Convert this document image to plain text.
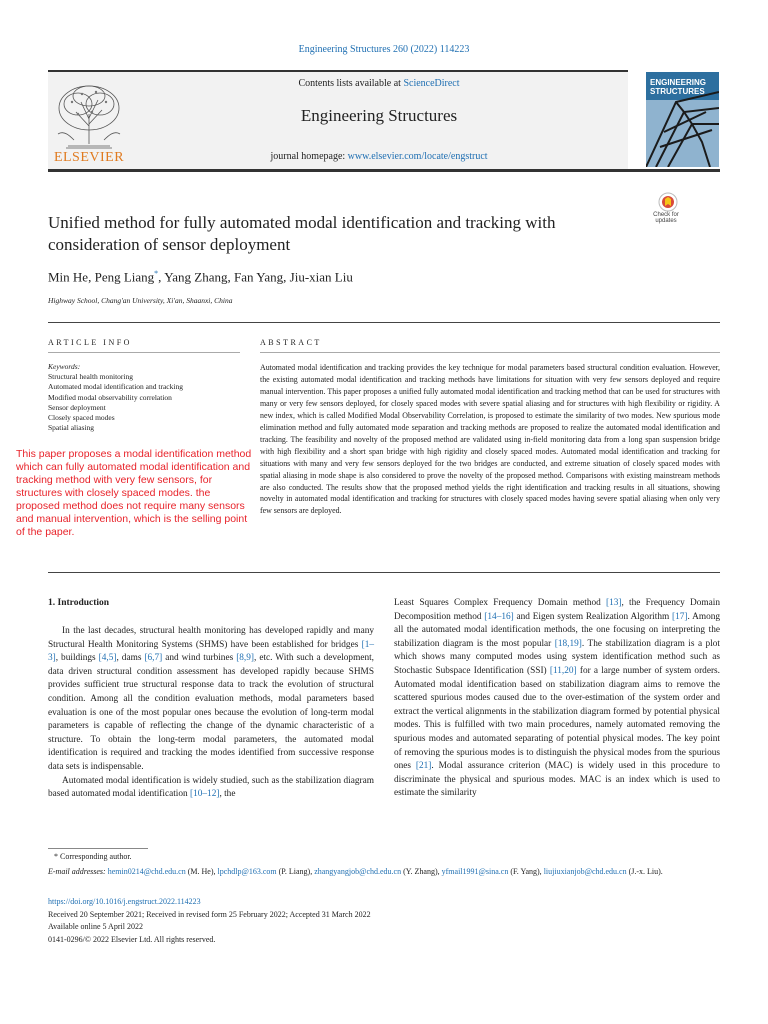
Engineering Structures 260 (2022) 114223
ELSEVIER
Contents lists available at ScienceDirect
Engineering Structures
journal homepage: www.elsevier.com/locate/engstruct
ENGINEERING
STRUCTURES
Unified method for fully automated modal identification and tracking with consideration of sensor deployment
Check for
updates
Min He, Peng Liang*, Yang Zhang, Fan Yang, Jiu-xian Liu
Highway School, Chang'an University, Xi'an, Shaanxi, China
ARTICLE INFO
Keywords:
Structural health monitoring
Automated modal identification and tracking
Modified modal observability correlation
Sensor deployment
Closely spaced modes
Spatial aliasing
ABSTRACT

Automated modal identification and tracking provides the key technique for modal parameters based structural condition evaluation. However, the existing automated modal identification and tracking methods have limitations for situation with very few sensors deployed and require manual intervention. This paper proposes a unified fully automated modal identification and tracking method that can be used for structures with many or very few sensors deployed, for closely spaced modes with severe spatial aliasing and for structures with high flexibility or rigidity. A new index, which is called Modified Modal Observability Correlation, is proposed to estimate the similarity of two modes. New spurious mode elimination method and fully automated mode separation and tracking methods are proposed to realize the automated modal identification and tracking. The feasibility and novelty of the proposed method are validated using in-field monitoring data from a long span suspension bridge with high flexibility and a short span bridge with high rigidity and closely spaced modes. Automated modal identification and tracking for situations with many and very few sensors deployed for the two bridges are conducted, and extreme situation of closely spaced modes with spatial aliasing in mode shape is also considered to prove the novelty of the proposed method. Comparisons with existing mainstream methods are also conducted. The results show that the proposed method yields the right identification and tracking results in all situations, showing novelty in automated modal identification and tracking for structures with closely spaced modes having severe spatial aliasing when only very few sensors are deployed.

This paper proposes a modal identification method which can fully automated modal identification and tracking method with very few sensors, for structures with closely spaced modes. the proposed method does not require many sensors and manual intervention, which is the selling point of the paper.

1. Introduction

In the last decades, structural health monitoring has developed rapidly and many Structural Health Monitoring Systems (SHMS) have been established for bridges [1–3], buildings [4,5], dams [6,7] and wind turbines [8,9], etc. With such a development, data driven structural condition assessment has developed rapidly because SHMS provides sufficient true structural response data to track the evolution of structural condition. Among all the condition evaluation methods, modal parameters based evaluation is one of the most popular ones because the evolution of long-term modal parameters is capable of reflecting the change of the dynamic characteristic of a structure. To obtain the long-term modal parameters, the automated modal identification is required and tracking the modes identified from successive response data sets is indispensable.

Automated modal identification is widely studied, such as the stabilization diagram based automated modal identification [10–12], the

Least Squares Complex Frequency Domain method [13], the Frequency Domain Decomposition method [14–16] and Eigen system Realization Algorithm [17]. Among all the automated modal identification methods, the one focusing on interpreting the stabilization diagram is the most popular [18,19]. The stabilization diagram is a plot which shows many computed modes using system identification method such as Stochastic Subspace Identification (SSI) [11,20] for a large number of system orders. Automated modal identification based on stabilization diagram aims to remove the scattered spurious modes caused due to the over-estimation of the system order and extract the vertical alignments in the stabilization diagram formed by potential physical modes. This is fulfilled with two main procedures, namely automated removing the spurious modes and automated separating of potential physical modes. The key point of removing the spurious modes is to distinguish the physical modes from the spurious ones [21]. Modal assurance criterion (MAC) is widely used in this procedure to discriminate the physical and spurious modes. MAC is an index which is used to estimate the similarity

* Corresponding author.
E-mail addresses: hemin0214@chd.edu.cn (M. He), lpchdlp@163.com (P. Liang), zhangyangjob@chd.edu.cn (Y. Zhang), yfmail1991@sina.cn (F. Yang), liujiuxianjob@chd.edu.cn (J.-x. Liu).
https://doi.org/10.1016/j.engstruct.2022.114223
Received 20 September 2021; Received in revised form 25 February 2022; Accepted 31 March 2022
Available online 5 April 2022
0141-0296/© 2022 Elsevier Ltd. All rights reserved.
